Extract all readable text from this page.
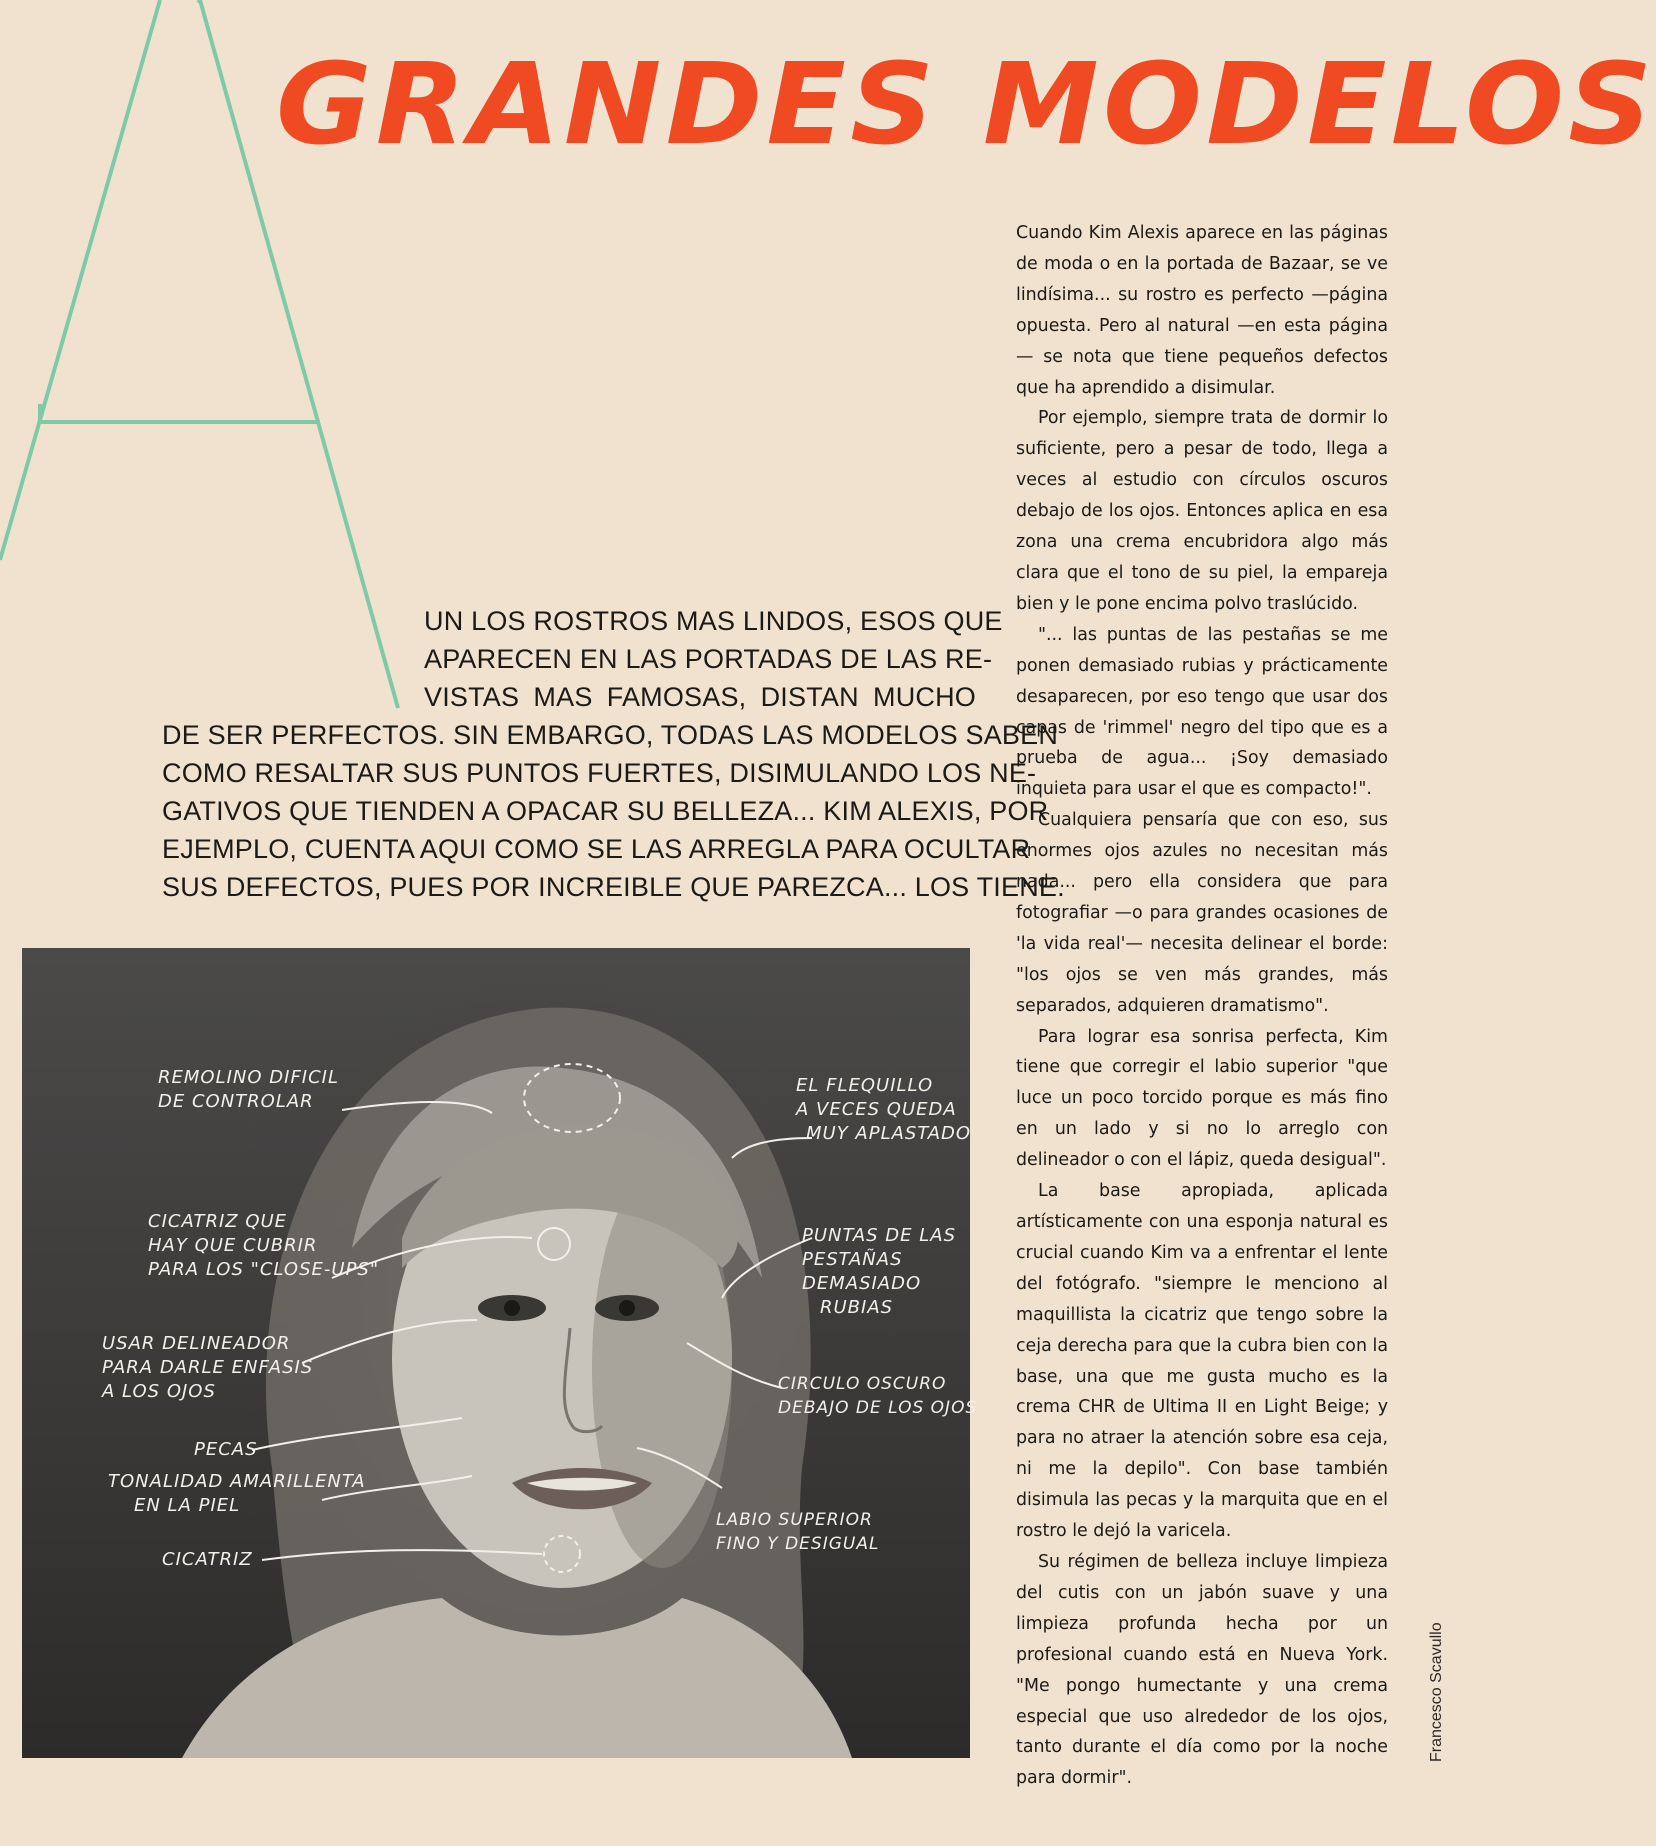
GRANDES MODELOS
UN LOS ROSTROS MAS LINDOS, ESOS QUE
APARECEN EN LAS PORTADAS DE LAS RE-
VISTAS MAS FAMOSAS, DISTAN MUCHO
DE SER PERFECTOS. SIN EMBARGO, TODAS LAS MODELOS SABEN
COMO RESALTAR SUS PUNTOS FUERTES, DISIMULANDO LOS NE-
GATIVOS QUE TIENDEN A OPACAR SU BELLEZA... KIM ALEXIS, POR
EJEMPLO, CUENTA AQUI COMO SE LAS ARREGLA PARA OCULTAR
SUS DEFECTOS, PUES POR INCREIBLE QUE PAREZCA... LOS TIENE.
REMOLINO DIFICIL
DE CONTROLAR
CICATRIZ QUE
HAY QUE CUBRIR
PARA LOS "CLOSE-UPS"
USAR DELINEADOR
PARA DARLE ENFASIS
A LOS OJOS
PECAS
TONALIDAD AMARILLENTA
EN LA PIEL
CICATRIZ
EL FLEQUILLO
A VECES QUEDA
MUY APLASTADO
PUNTAS DE LAS
PESTAÑAS
DEMASIADO
RUBIAS
CIRCULO OSCURO
DEBAJO DE LOS OJOS
LABIO SUPERIOR
FINO Y DESIGUAL

Cuando Kim Alexis aparece en las páginas de moda o en la portada de Bazaar, se ve lindísima... su rostro es perfecto —página opuesta. Pero al natural —en esta página— se nota que tiene pequeños defectos que ha aprendido a disimular.

Por ejemplo, siempre trata de dormir lo suficiente, pero a pesar de todo, llega a veces al estudio con círculos oscuros debajo de los ojos. Entonces aplica en esa zona una crema encubridora algo más clara que el tono de su piel, la empareja bien y le pone encima polvo traslúcido.

"... las puntas de las pestañas se me ponen demasiado rubias y prácticamente desaparecen, por eso tengo que usar dos capas de 'rimmel' negro del tipo que es a prueba de agua... ¡Soy demasiado inquieta para usar el que es compacto!".

Cualquiera pensaría que con eso, sus enormes ojos azules no necesitan más nada... pero ella considera que para fotografiar —o para grandes ocasiones de 'la vida real'— necesita delinear el borde: "los ojos se ven más grandes, más separados, adquieren dramatismo".

Para lograr esa sonrisa perfecta, Kim tiene que corregir el labio superior "que luce un poco torcido porque es más fino en un lado y si no lo arreglo con delineador o con el lápiz, queda desigual".

La base apropiada, aplicada artísticamente con una esponja natural es crucial cuando Kim va a enfrentar el lente del fotógrafo. "siempre le menciono al maquillista la cicatriz que tengo sobre la ceja derecha para que la cubra bien con la base, una que me gusta mucho es la crema CHR de Ultima II en Light Beige; y para no atraer la atención sobre esa ceja, ni me la depilo". Con base también disimula las pecas y la marquita que en el rostro le dejó la varicela.

Su régimen de belleza incluye limpieza del cutis con un jabón suave y una limpieza profunda hecha por un profesional cuando está en Nueva York. "Me pongo humectante y una crema especial que uso alrededor de los ojos, tanto durante el día como por la noche para dormir".

Francesco Scavullo
